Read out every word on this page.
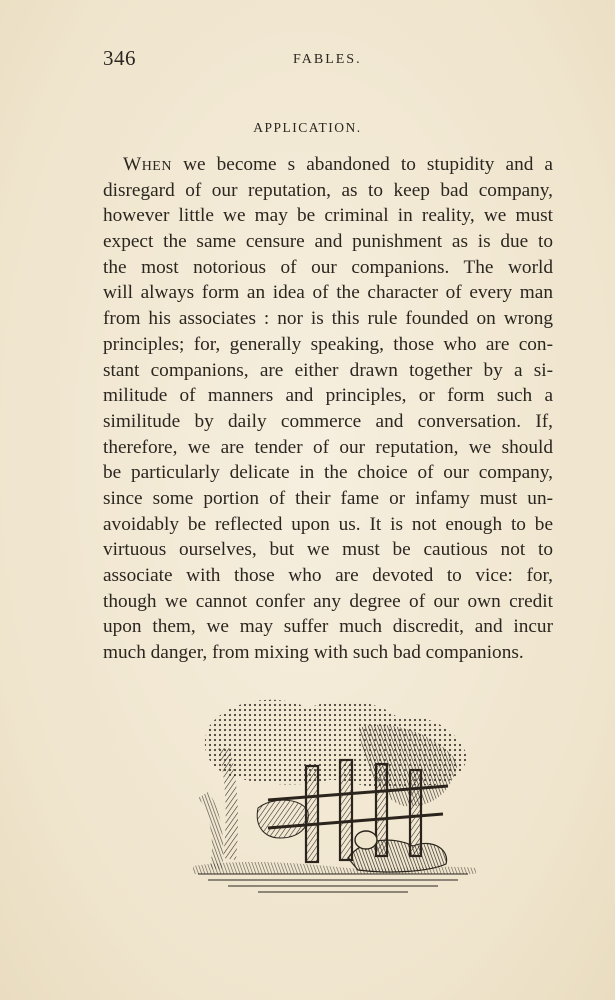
346	FABLES.
APPLICATION.
When we become s abandoned to stupidity and a
disregard of our reputation, as to keep bad company,
however little we may be criminal in reality, we must
expect the same censure and punishment as is due to
the most notorious of our companions. The world
will always form an idea of the character of every man
from his associates : nor is this rule founded on wrong
principles; for, generally speaking, those who are con-
stant companions, are either drawn together by a si-
militude of manners and principles, or form such a
similitude by daily commerce and conversation. If,
therefore, we are tender of our reputation, we should
be particularly delicate in the choice of our company,
since some portion of their fame or infamy must un-
avoidably be reflected upon us. It is not enough to be
virtuous ourselves, but we must be cautious not to
associate with those who are devoted to vice: for,
though we cannot confer any degree of our own credit
upon them, we may suffer much discredit, and incur
much danger, from mixing with such bad companions.
